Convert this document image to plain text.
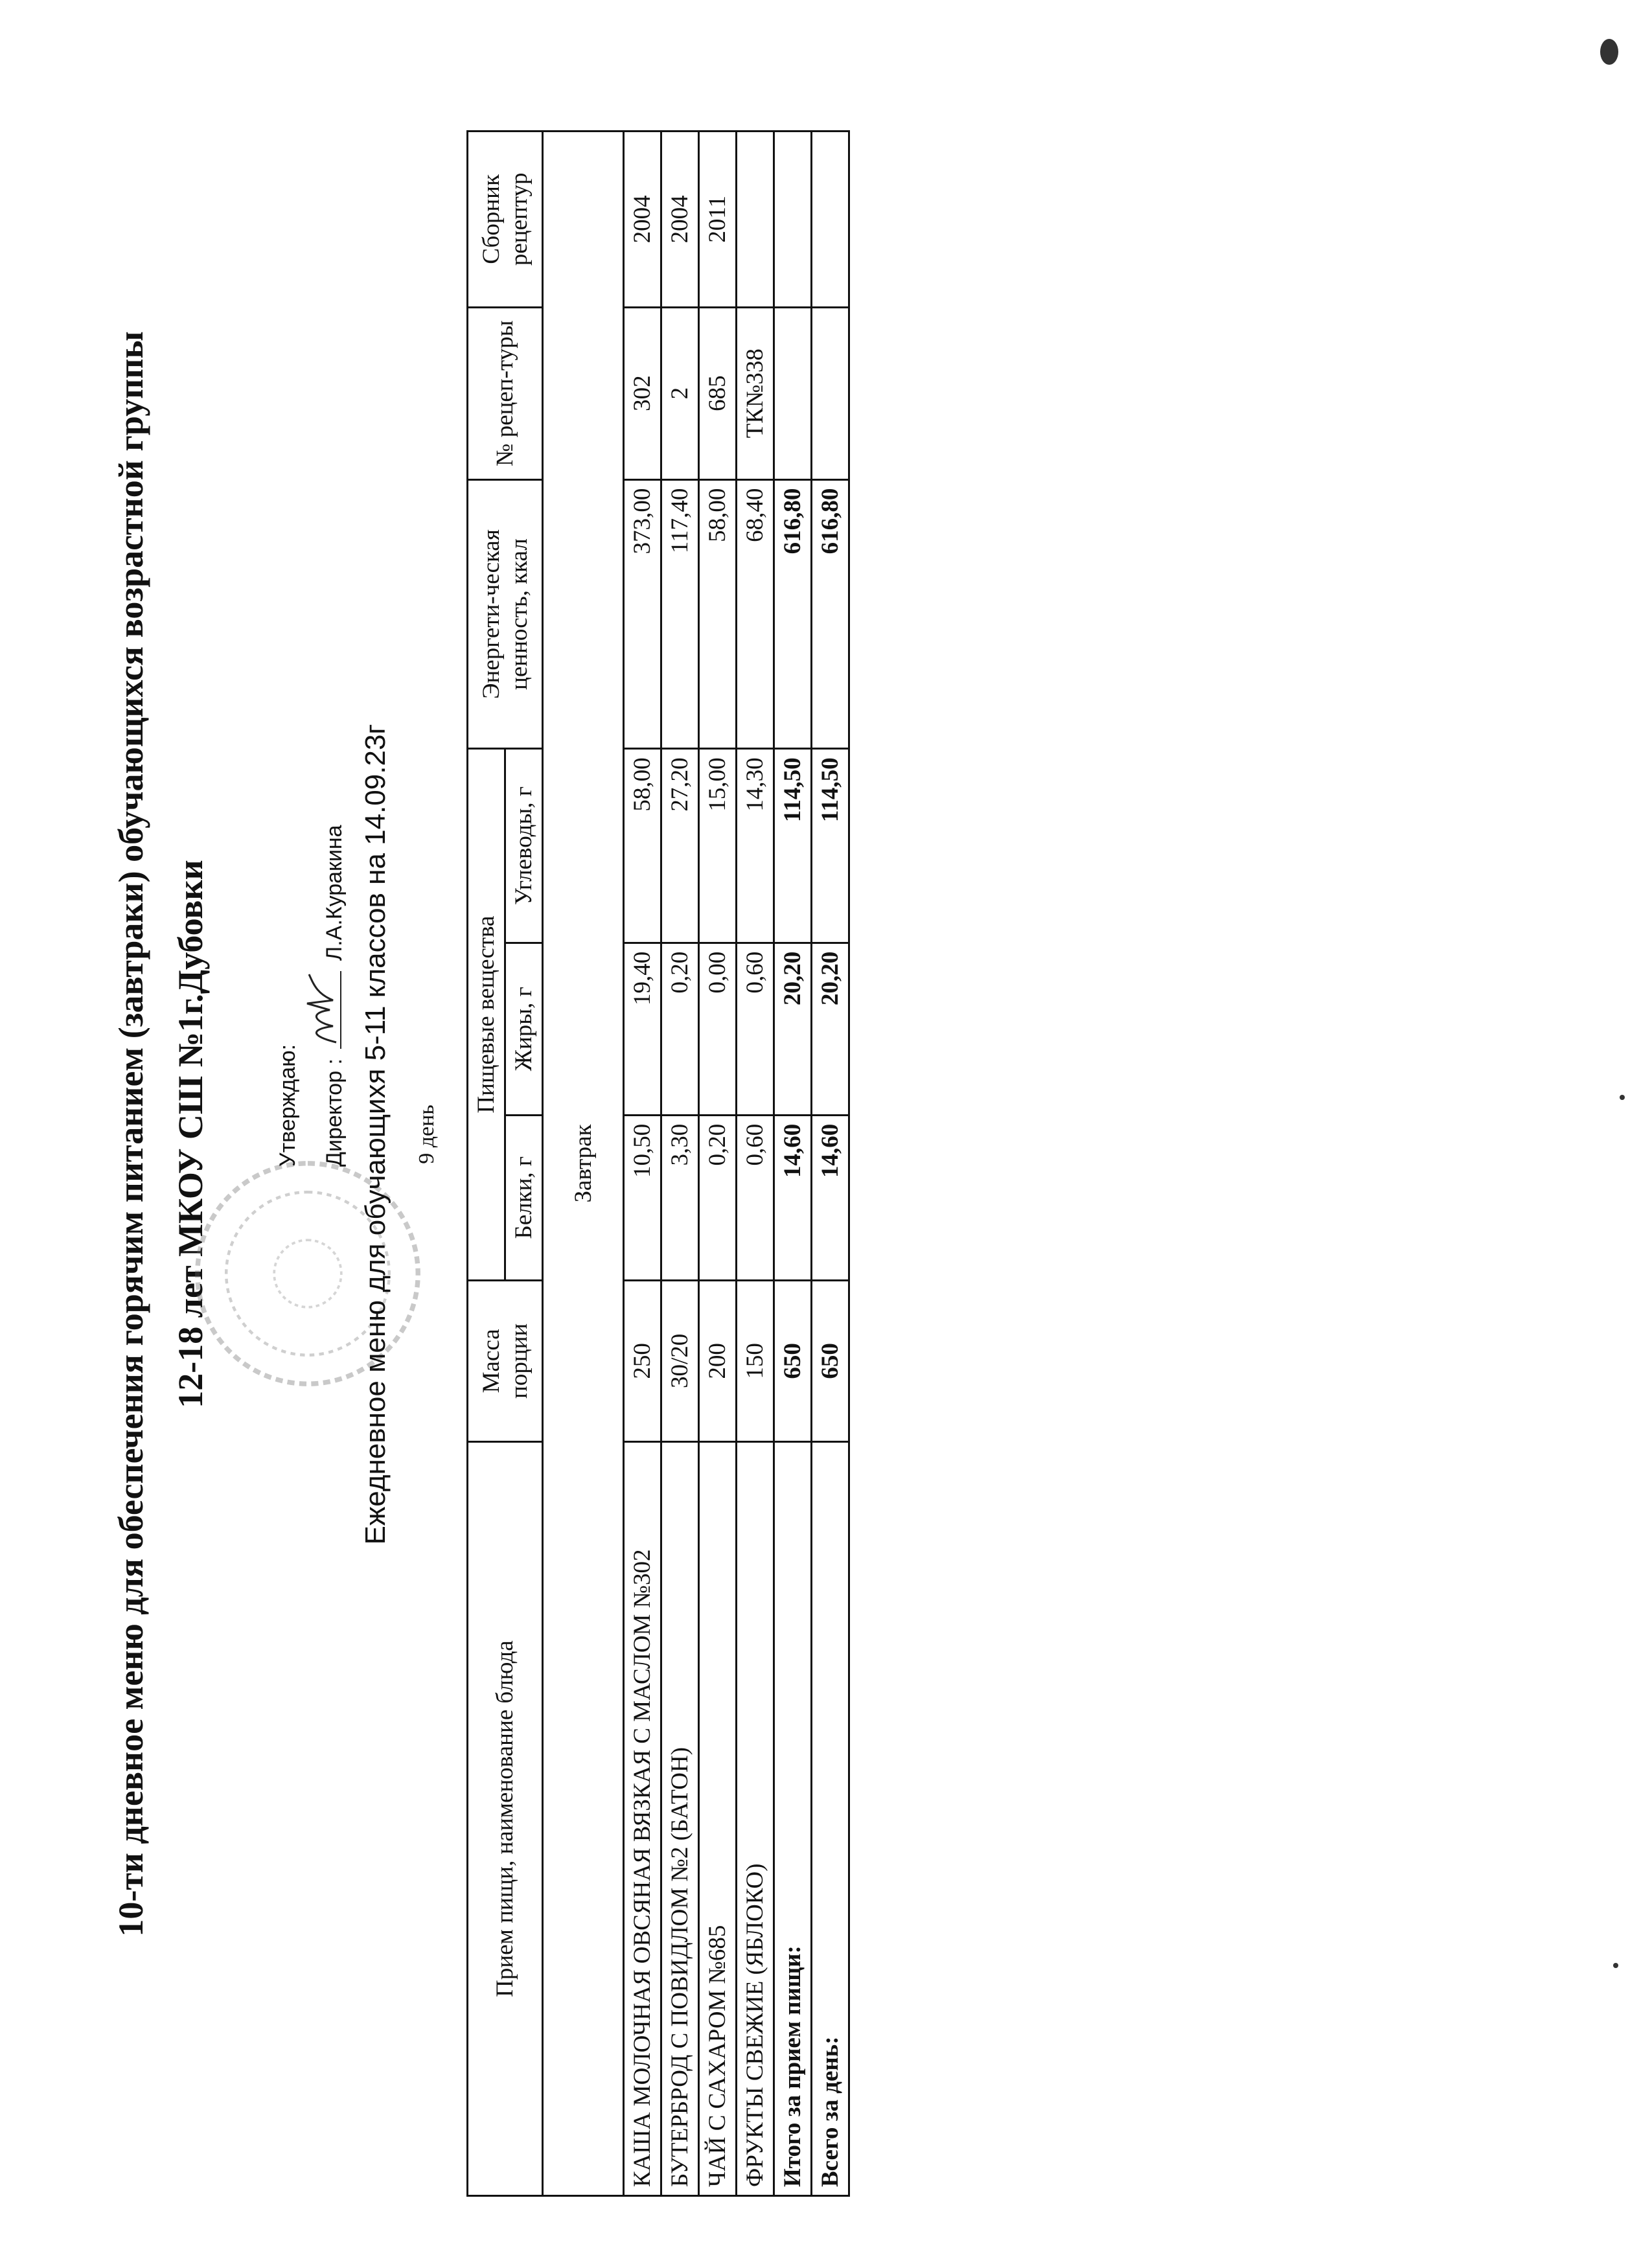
10-ти дневное меню для обеспечения горячим питанием (завтраки) обучающихся возрастной группы 12-18 лет МКОУ СШ №1г.Дубовки	Утверждаю:	Директор :
Л.А.Куракина Ежедневное меню для обучающихя 5-11 классов на 14.09.23г 9 день
Прием пищи, наименование блюда	Масса порции	Пищевые вещества			Энергети-ческая ценность, ккал	№ рецеп-туры	Сборник рецептур
		Белки, г	Жиры, г	Углеводы, г			
Завтрак							
КАША МОЛОЧНАЯ ОВСЯНАЯ ВЯЗКАЯ С МАСЛОМ №302	250	10,50	19,40	58,00	373,00	302	2004
БУТЕРБРОД С ПОВИДЛОМ №2 (БАТОН)	30/20	3,30	0,20	27,20	117,40	2	2004
ЧАЙ С САХАРОМ №685	200	0,20	0,00	15,00	58,00	685	2011
ФРУКТЫ СВЕЖИЕ (ЯБЛОКО)	150	0,60	0,60	14,30	68,40	ТК№338	
Итого за прием пищи:	650	14,60	20,20	114,50	616,80		
Всего за день:	650	14,60	20,20	114,50	616,80		
